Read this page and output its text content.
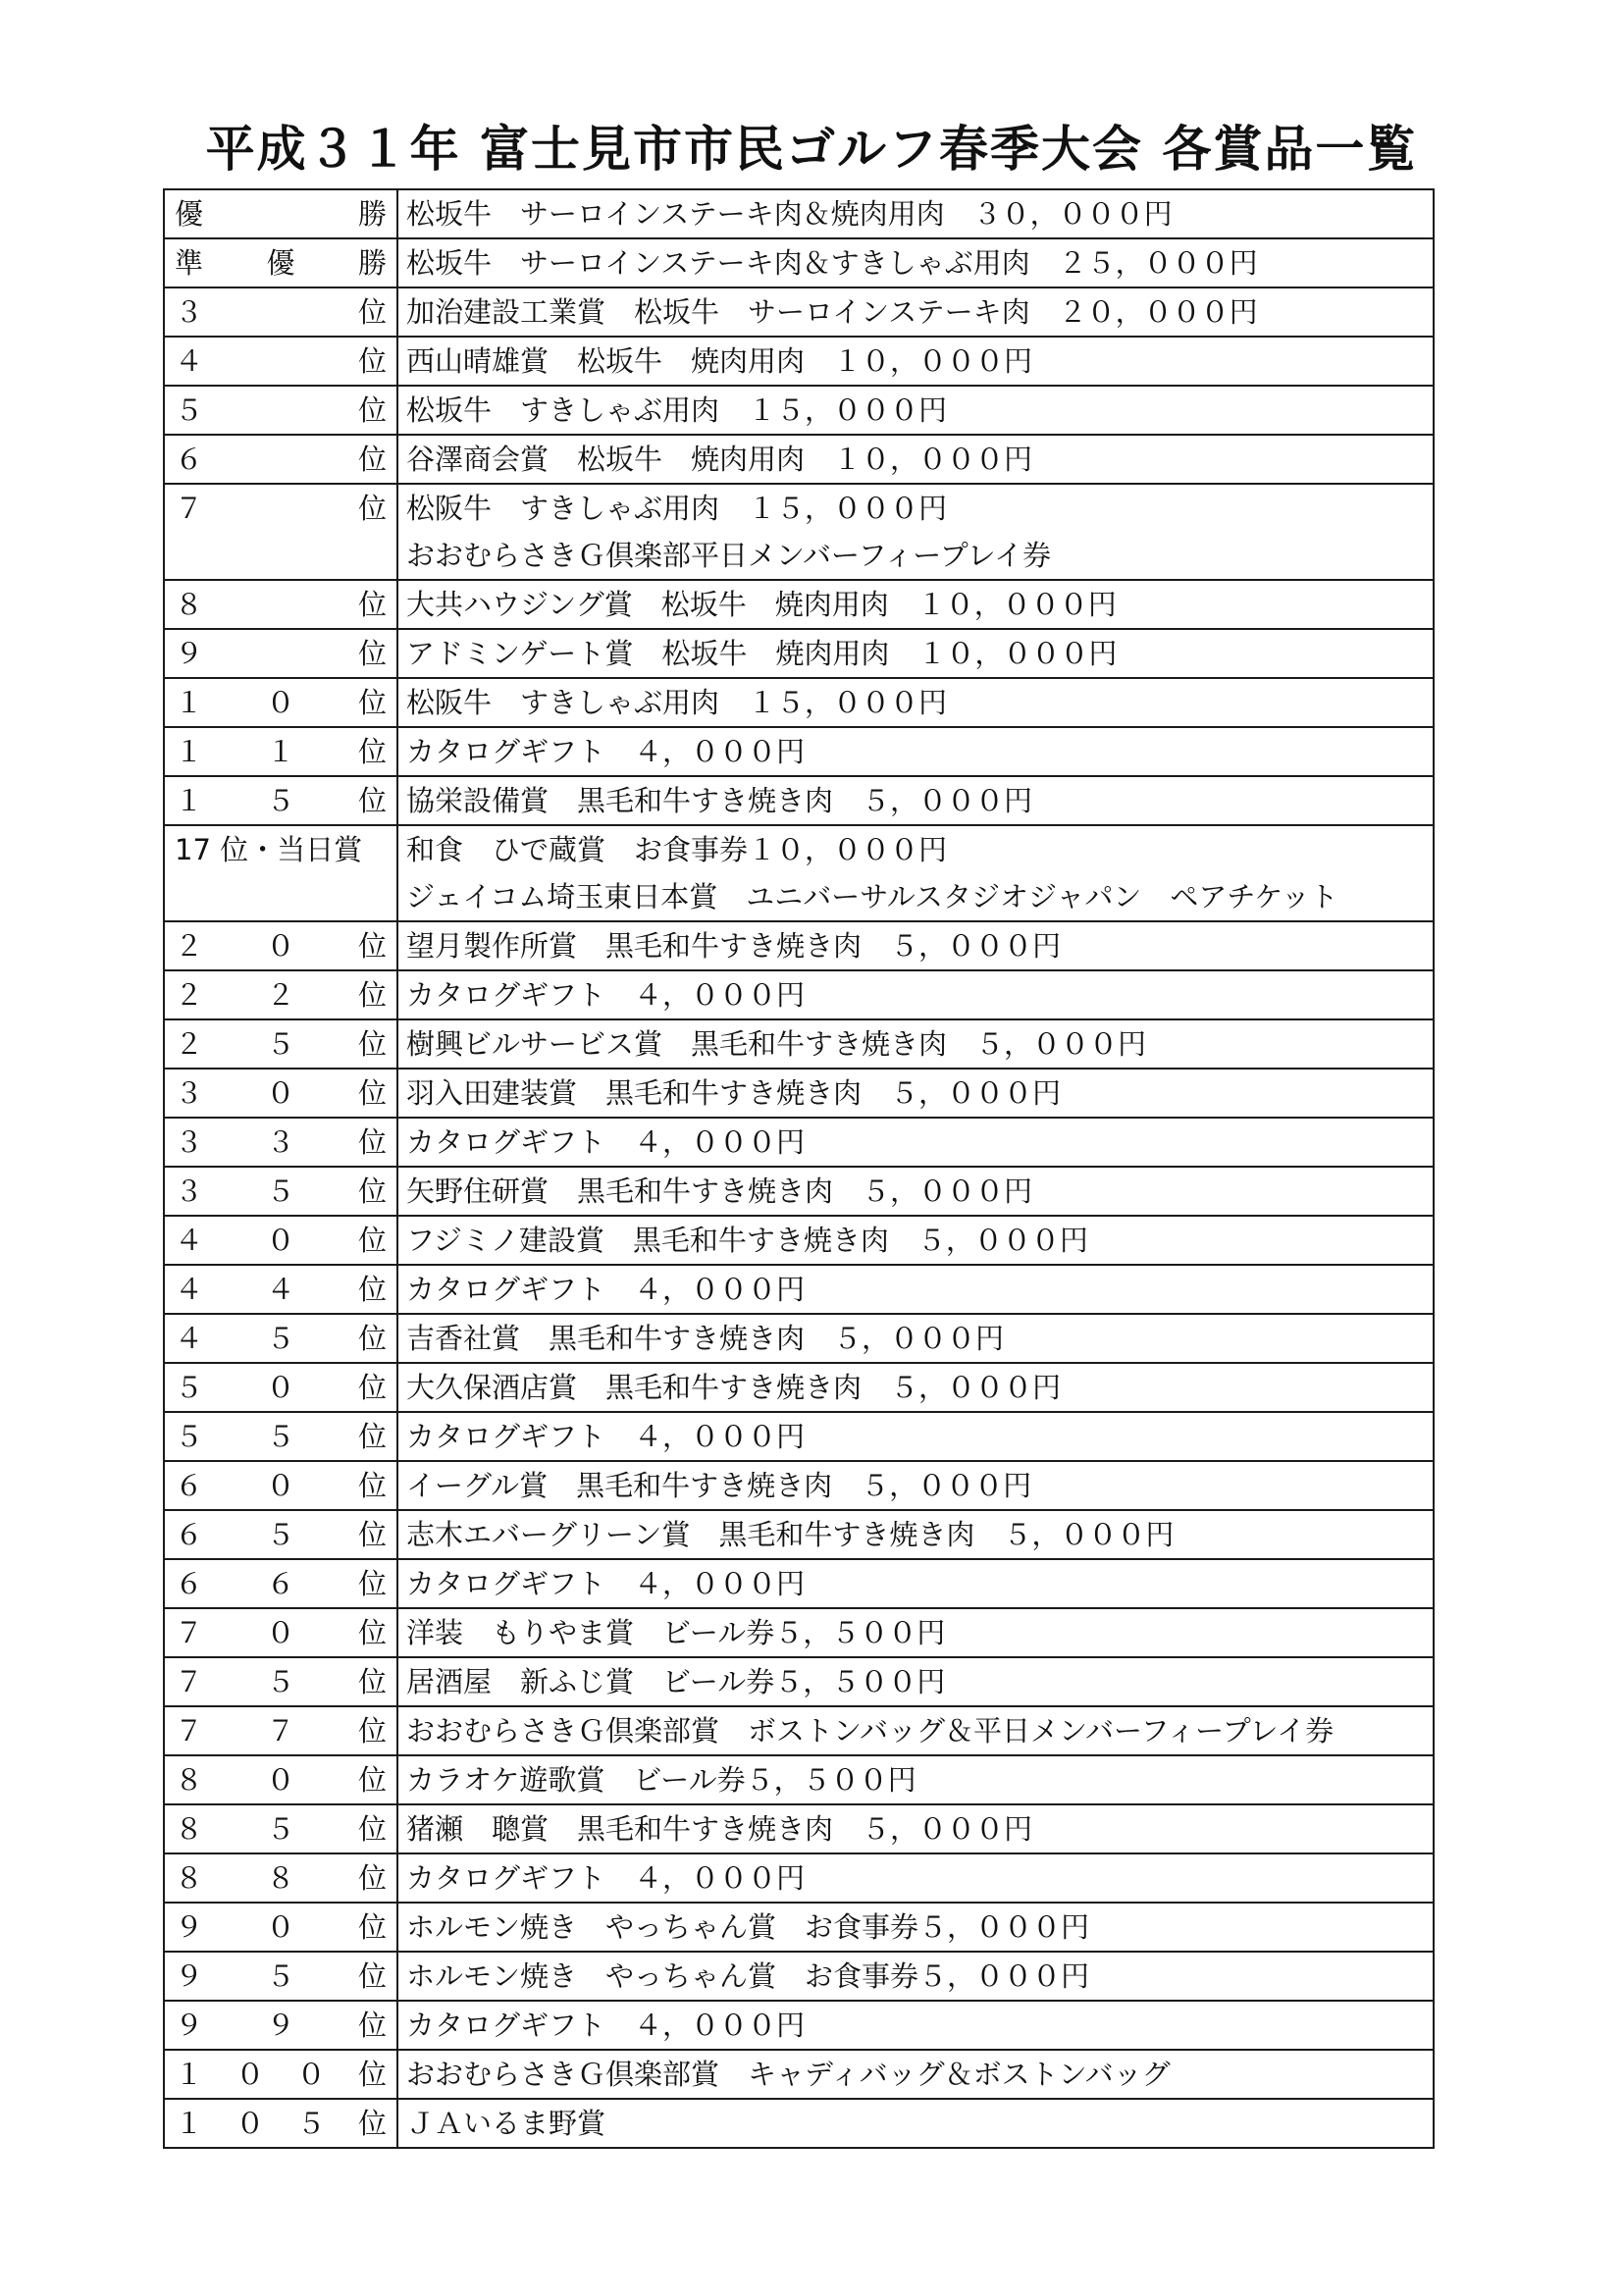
平成３１年 富士見市市民ゴルフ春季大会 各賞品一覧
優 勝	松坂牛　サーロインステーキ肉＆焼肉用肉　３０，０００円

準 優 勝	松坂牛　サーロインステーキ肉＆すきしゃぶ用肉　２５，０００円

３ 位	加治建設工業賞　松坂牛　サーロインステーキ肉　２０，０００円

４ 位	西山晴雄賞　松坂牛　焼肉用肉　１０，０００円

５ 位	松坂牛　すきしゃぶ用肉　１５，０００円

６ 位	谷澤商会賞　松坂牛　焼肉用肉　１０，０００円

７ 位	松阪牛　すきしゃぶ用肉　１５，０００円
おおむらさきＧ倶楽部平日メンバーフィープレイ券

８ 位	大共ハウジング賞　松坂牛　焼肉用肉　１０，０００円

９ 位	アドミンゲート賞　松坂牛　焼肉用肉　１０，０００円

１ ０ 位	松阪牛　すきしゃぶ用肉　１５，０００円

１ １ 位	カタログギフト　４，０００円

１ ５ 位	協栄設備賞　黒毛和牛すき焼き肉　５，０００円

17 位・当日賞	和食　ひで蔵賞　お食事券１０，０００円
ジェイコム埼玉東日本賞　ユニバーサルスタジオジャパン　ペアチケット

２ ０ 位	望月製作所賞　黒毛和牛すき焼き肉　５，０００円

２ ２ 位	カタログギフト　４，０００円

２ ５ 位	樹興ビルサービス賞　黒毛和牛すき焼き肉　５，０００円

３ ０ 位	羽入田建装賞　黒毛和牛すき焼き肉　５，０００円

３ ３ 位	カタログギフト　４，０００円

３ ５ 位	矢野住研賞　黒毛和牛すき焼き肉　５，０００円

４ ０ 位	フジミノ建設賞　黒毛和牛すき焼き肉　５，０００円

４ ４ 位	カタログギフト　４，０００円

４ ５ 位	吉香社賞　黒毛和牛すき焼き肉　５，０００円

５ ０ 位	大久保酒店賞　黒毛和牛すき焼き肉　５，０００円

５ ５ 位	カタログギフト　４，０００円

６ ０ 位	イーグル賞　黒毛和牛すき焼き肉　５，０００円

６ ５ 位	志木エバーグリーン賞　黒毛和牛すき焼き肉　５，０００円

６ ６ 位	カタログギフト　４，０００円

７ ０ 位	洋装　もりやま賞　ビール券５，５００円

７ ５ 位	居酒屋　新ふじ賞　ビール券５，５００円

７ ７ 位	おおむらさきＧ倶楽部賞　ボストンバッグ＆平日メンバーフィープレイ券

８ ０ 位	カラオケ遊歌賞　ビール券５，５００円

８ ５ 位	猪瀬　聰賞　黒毛和牛すき焼き肉　５，０００円

８ ８ 位	カタログギフト　４，０００円

９ ０ 位	ホルモン焼き　やっちゃん賞　お食事券５，０００円

９ ５ 位	ホルモン焼き　やっちゃん賞　お食事券５，０００円

９ ９ 位	カタログギフト　４，０００円

１ ０ ０ 位	おおむらさきＧ倶楽部賞　キャディバッグ＆ボストンバッグ

１ ０ ５ 位	ＪＡいるま野賞
